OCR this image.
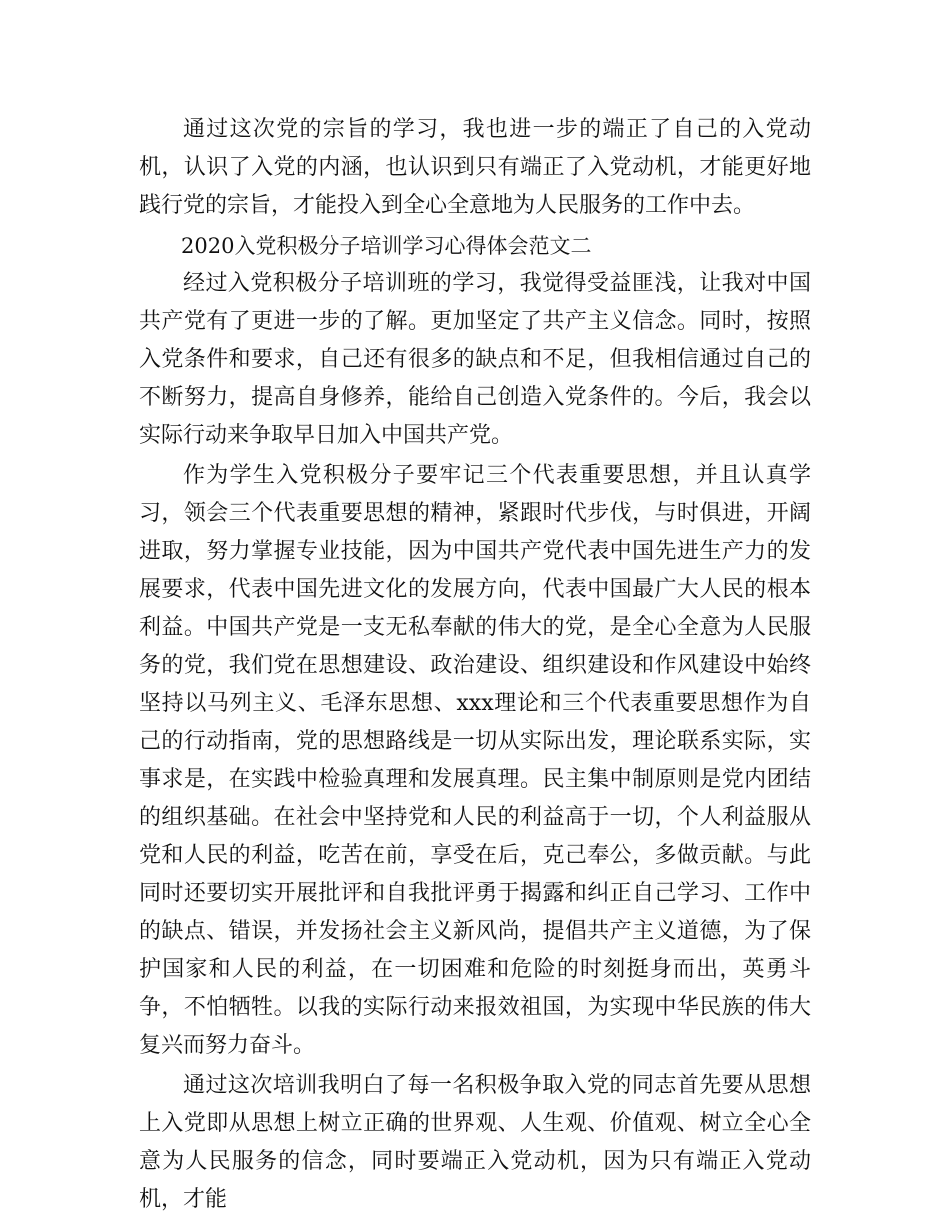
通过这次党的宗旨的学习，我也进一步的端正了自己的入党动机，认识了入党的内涵，也认识到只有端正了入党动机，才能更好地践行党的宗旨，才能投入到全心全意地为人民服务的工作中去。

2020入党积极分子培训学习心得体会范文二

经过入党积极分子培训班的学习，我觉得受益匪浅，让我对中国共产党有了更进一步的了解。更加坚定了共产主义信念。同时，按照入党条件和要求，自己还有很多的缺点和不足，但我相信通过自己的不断努力，提高自身修养，能给自己创造入党条件的。今后，我会以实际行动来争取早日加入中国共产党。

作为学生入党积极分子要牢记三个代表重要思想，并且认真学习，领会三个代表重要思想的精神，紧跟时代步伐，与时俱进，开阔进取，努力掌握专业技能，因为中国共产党代表中国先进生产力的发展要求，代表中国先进文化的发展方向，代表中国最广大人民的根本利益。中国共产党是一支无私奉献的伟大的党，是全心全意为人民服务的党，我们党在思想建设、政治建设、组织建设和作风建设中始终坚持以马列主义、毛泽东思想、xxx理论和三个代表重要思想作为自己的行动指南，党的思想路线是一切从实际出发，理论联系实际，实事求是，在实践中检验真理和发展真理。民主集中制原则是党内团结的组织基础。在社会中坚持党和人民的利益高于一切，个人利益服从党和人民的利益，吃苦在前，享受在后，克己奉公，多做贡献。与此同时还要切实开展批评和自我批评勇于揭露和纠正自己学习、工作中的缺点、错误，并发扬社会主义新风尚，提倡共产主义道德，为了保护国家和人民的利益，在一切困难和危险的时刻挺身而出，英勇斗争，不怕牺牲。以我的实际行动来报效祖国，为实现中华民族的伟大复兴而努力奋斗。

通过这次培训我明白了每一名积极争取入党的同志首先要从思想上入党即从思想上树立正确的世界观、人生观、价值观、树立全心全意为人民服务的信念，同时要端正入党动机，因为只有端正入党动机，才能
